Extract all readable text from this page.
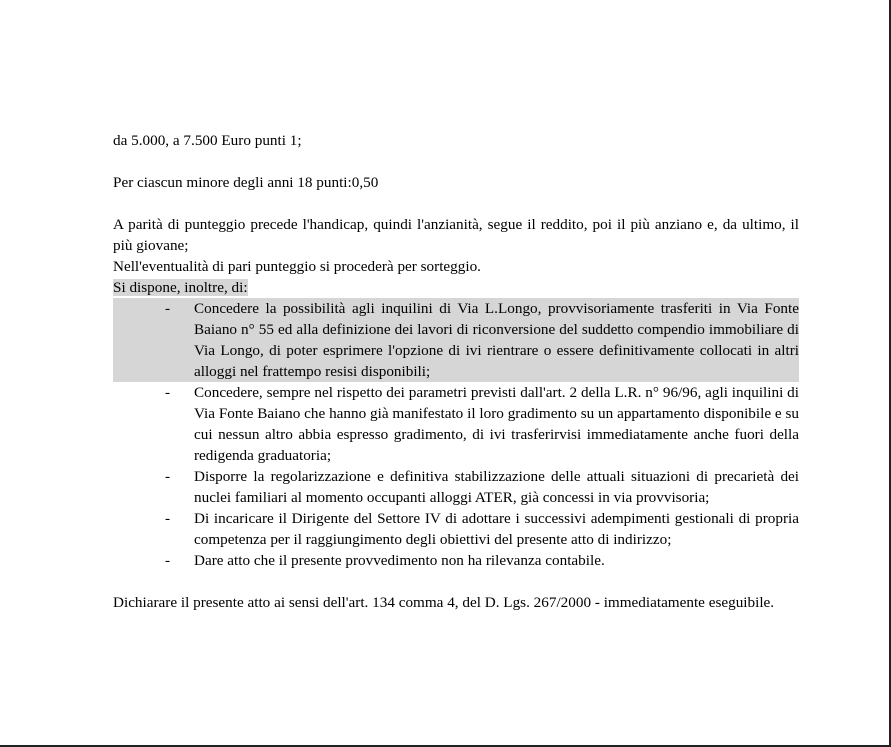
da 5.000, a 7.500 Euro punti 1;

Per ciascun minore degli anni 18 punti:0,50

A parità di punteggio precede l'handicap, quindi l'anzianità, segue il reddito, poi il più anziano e, da ultimo, il più giovane;

Nell'eventualità di pari punteggio si procederà per sorteggio.

Si dispone, inoltre, di:

- Concedere la possibilità agli inquilini di Via L.Longo, provvisoriamente trasferiti in Via Fonte Baiano n° 55 ed alla definizione dei lavori di riconversione del suddetto compendio immobiliare di Via Longo, di poter esprimere l'opzione di ivi rientrare o essere definitivamente collocati in altri alloggi nel frattempo resisi disponibili;
- Concedere, sempre nel rispetto dei parametri previsti dall'art. 2 della L.R. n° 96/96, agli inquilini di Via Fonte Baiano che hanno già manifestato il loro gradimento su un appartamento disponibile e su cui nessun altro abbia espresso gradimento, di ivi trasferirvisi immediatamente anche fuori della redigenda graduatoria;
- Disporre la regolarizzazione e definitiva stabilizzazione delle attuali situazioni di precarietà dei nuclei familiari al momento occupanti alloggi ATER, già concessi in via provvisoria;
- Di incaricare il Dirigente del Settore IV di adottare i successivi adempimenti gestionali di propria competenza per il raggiungimento degli obiettivi del presente atto di indirizzo;
- Dare atto che il presente provvedimento non ha rilevanza contabile.

Dichiarare il presente atto ai sensi dell'art. 134 comma 4, del D. Lgs. 267/2000 - immediatamente eseguibile.
